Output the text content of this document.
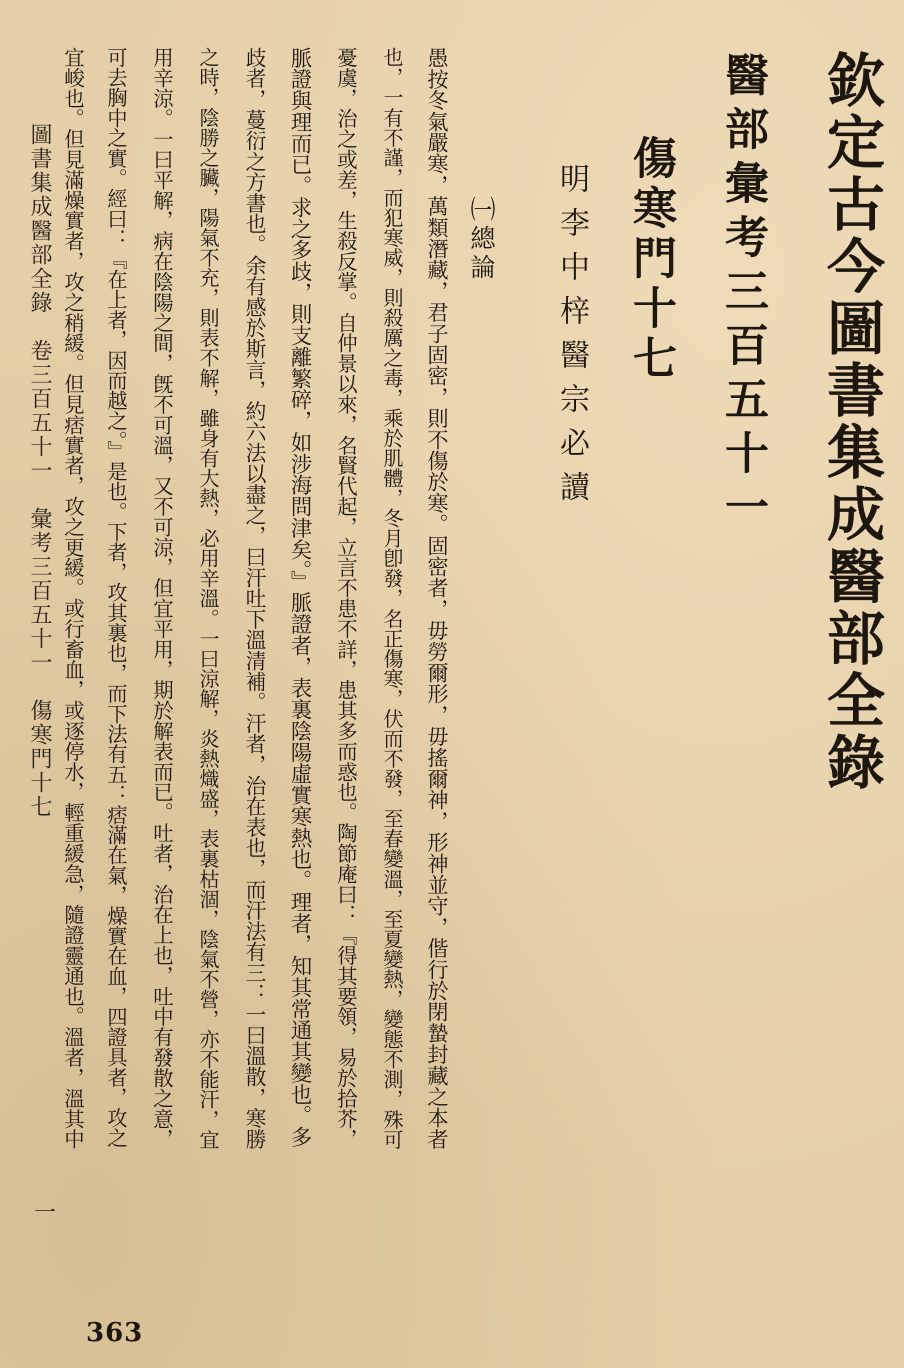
欽定古今圖書集成醫部全錄
醫部彙考三百五十一
傷寒門十七
明李中梓醫宗必讀
㈠總論
愚按冬氣嚴寒，萬類潛藏，君子固密，則不傷於寒。固密者，毋勞爾形，毋搖爾神，形神並守，偕行於閉蟄封藏之本者
也，一有不謹，而犯寒威，則殺厲之毒，乘於肌體，冬月卽發，名正傷寒，伏而不發，至春變溫，至夏變熱，變態不測，殊可
憂虞，治之或差，生殺反掌。自仲景以來，名賢代起，立言不患不詳，患其多而惑也。陶節庵曰：『得其要領，易於拾芥，
脈證與理而已。求之多歧，則支離繁碎，如涉海問津矣。』脈證者，表裏陰陽虛實寒熱也。理者，知其常通其變也。多
歧者，蔓衍之方書也。余有感於斯言，約六法以盡之，曰汗吐下溫清補。汗者，治在表也，而汗法有三：一曰溫散，寒勝
之時，陰勝之臟，陽氣不充，則表不解，雖身有大熱，必用辛溫。一曰涼解，炎熱熾盛，表裏枯涸，陰氣不營，亦不能汗，宜
用辛涼。一曰平解，病在陰陽之間，旣不可溫，又不可涼，但宜平用，期於解表而已。吐者，治在上也，吐中有發散之意，
可去胸中之實。經曰：『在上者，因而越之。』是也。下者，攻其裏也，而下法有五：痞滿在氣，燥實在血，四證具者，攻之
宜峻也。但見滿燥實者，攻之稍緩。但見痞實者，攻之更緩。或行畜血，或逐停水，輕重緩急，隨證靈通也。溫者，溫其中
圖書集成醫部全錄　卷三百五十一　彙考三百五十一　傷寒門十七
一
363
